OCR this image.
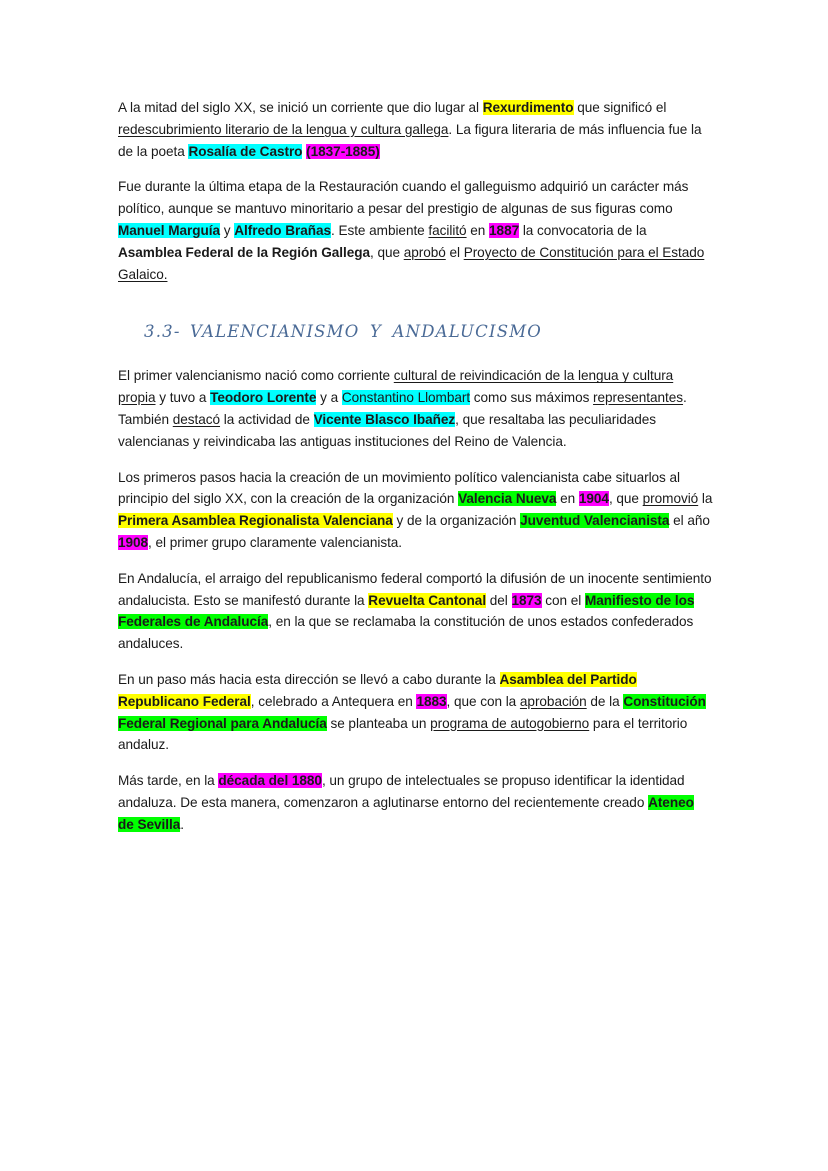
A la mitad del siglo XX, se inició un corriente que dio lugar al Rexurdimento que significó el redescubrimiento literario de la lengua y cultura gallega. La figura literaria de más influencia fue la de la poeta Rosalía de Castro (1837-1885)

Fue durante la última etapa de la Restauración cuando el galleguismo adquirió un carácter más político, aunque se mantuvo minoritario a pesar del prestigio de algunas de sus figuras como Manuel Marguía y Alfredo Brañas. Este ambiente facilitó en 1887 la convocatoria de la Asamblea Federal de la Región Gallega, que aprobó el Proyecto de Constitución para el Estado Galaico.

3.3- VALENCIANISMO Y ANDALUCISMO

El primer valencianismo nació como corriente cultural de reivindicación de la lengua y cultura propia y tuvo a Teodoro Lorente y a Constantino Llombart como sus máximos representantes. También destacó la actividad de Vicente Blasco Ibañez, que resaltaba las peculiaridades valencianas y reivindicaba las antiguas instituciones del Reino de Valencia.

Los primeros pasos hacia la creación de un movimiento político valencianista cabe situarlos al principio del siglo XX, con la creación de la organización Valencia Nueva en 1904, que promovió la Primera Asamblea Regionalista Valenciana y de la organización Juventud Valencianista el año 1908, el primer grupo claramente valencianista.

En Andalucía, el arraigo del republicanismo federal comportó la difusión de un inocente sentimiento andalucista. Esto se manifestó durante la Revuelta Cantonal del 1873 con el Manifiesto de los Federales de Andalucía, en la que se reclamaba la constitución de unos estados confederados andaluces.

En un paso más hacia esta dirección se llevó a cabo durante la Asamblea del Partido Republicano Federal, celebrado a Antequera en 1883, que con la aprobación de la Constitución Federal Regional para Andalucía se planteaba un programa de autogobierno para el territorio andaluz.

Más tarde, en la década del 1880, un grupo de intelectuales se propuso identificar la identidad andaluza. De esta manera, comenzaron a aglutinarse entorno del recientemente creado Ateneo de Sevilla.
